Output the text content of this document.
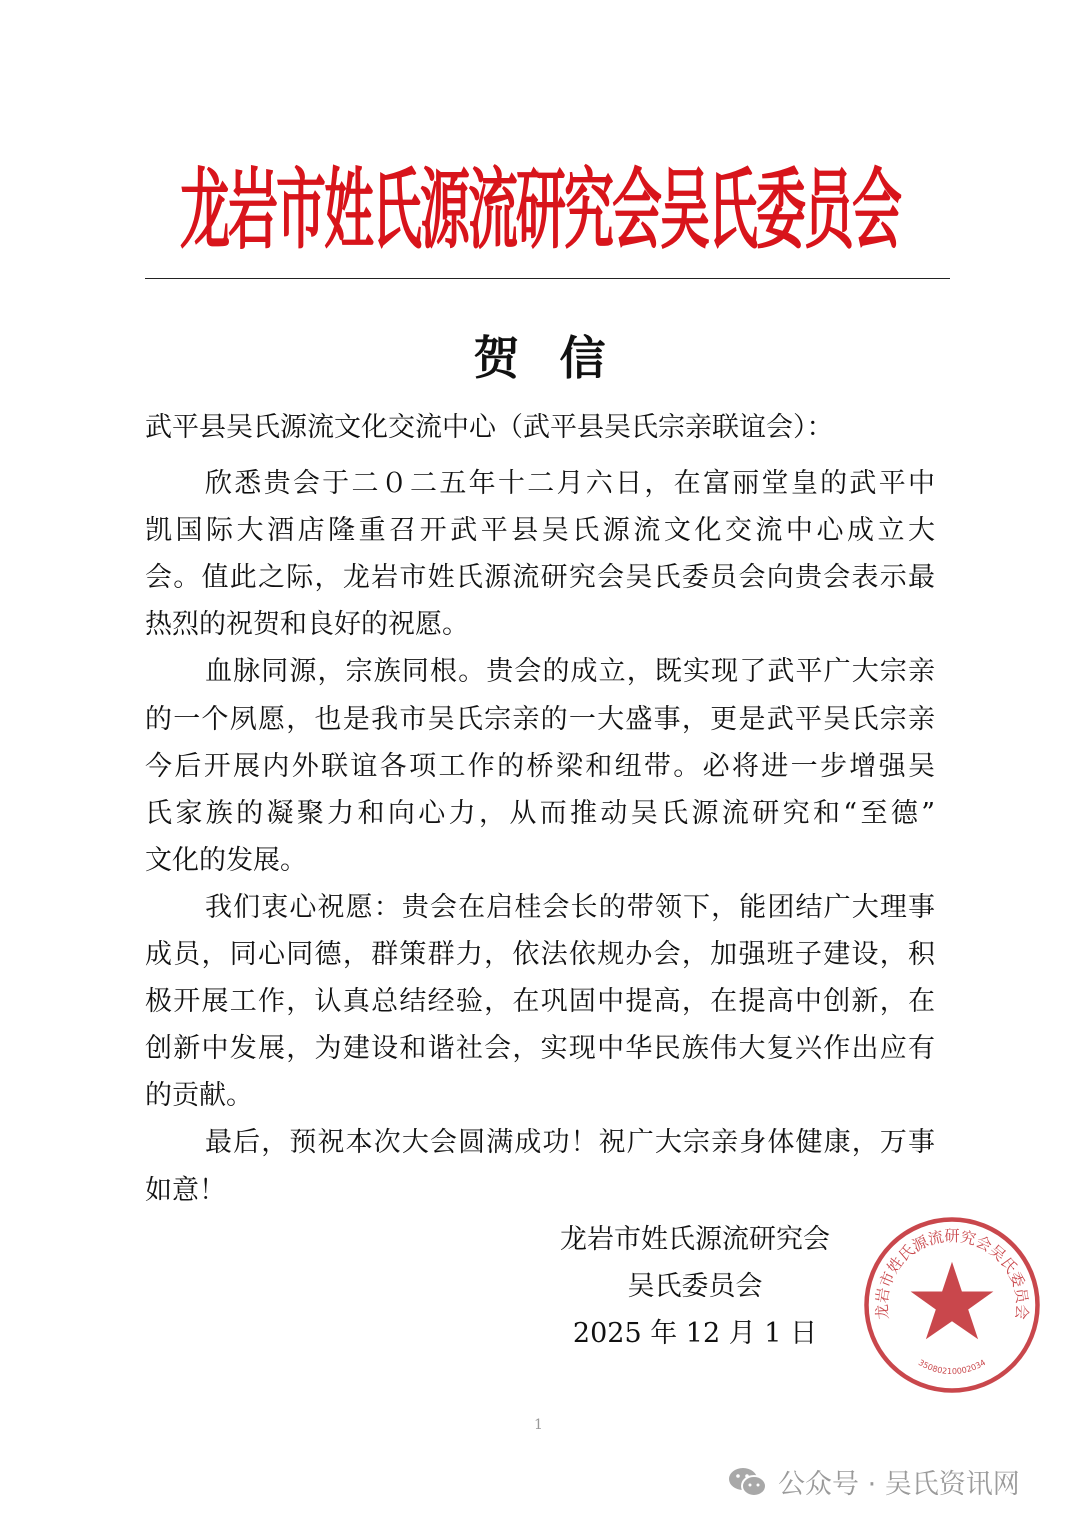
龙岩市姓氏源流研究会吴氏委员会
贺信
武平县吴氏源流文化交流中心（武平县吴氏宗亲联谊会）：
欣悉贵会于二０二五年十二月六日，在富丽堂皇的武平中
凯国际大酒店隆重召开武平县吴氏源流文化交流中心成立大
会。值此之际，龙岩市姓氏源流研究会吴氏委员会向贵会表示最
热烈的祝贺和良好的祝愿。
血脉同源，宗族同根。贵会的成立，既实现了武平广大宗亲
的一个夙愿，也是我市吴氏宗亲的一大盛事，更是武平吴氏宗亲
今后开展内外联谊各项工作的桥梁和纽带。必将进一步增强吴
氏家族的凝聚力和向心力，从而推动吴氏源流研究和“至德”
文化的发展。
我们衷心祝愿：贵会在启桂会长的带领下，能团结广大理事
成员，同心同德，群策群力，依法依规办会，加强班子建设，积
极开展工作，认真总结经验，在巩固中提高，在提高中创新，在
创新中发展，为建设和谐社会，实现中华民族伟大复兴作出应有
的贡献。
最后，预祝本次大会圆满成功！祝广大宗亲身体健康，万事
如意！
龙岩市姓氏源流研究会吴氏委员会
35080210002034
龙岩市姓氏源流研究会
吴氏委员会
2025 年 12 月 1 日
1
公众号 · 吴氏资讯网
